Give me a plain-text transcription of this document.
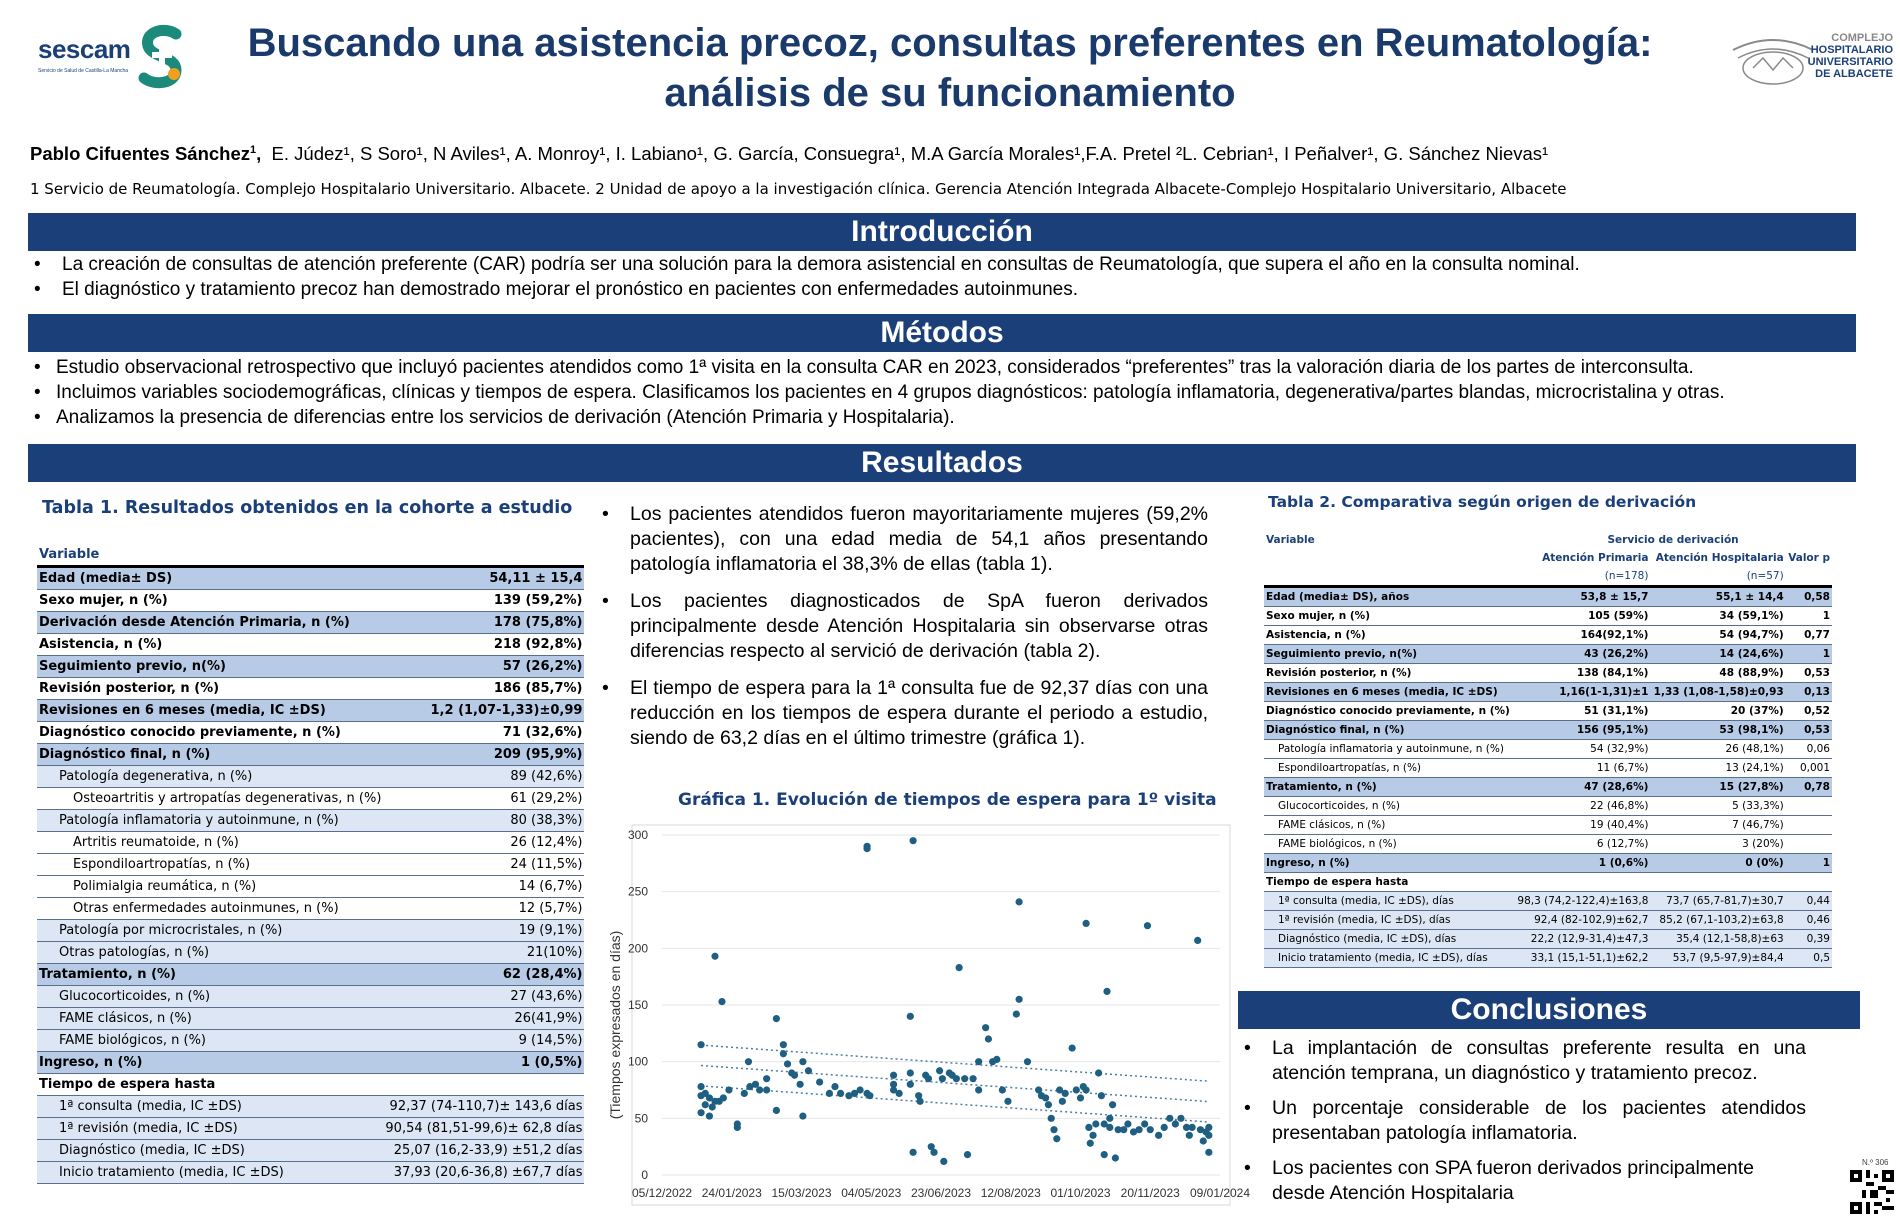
sescam
Servicio de Salud de Castilla-La Mancha
Buscando una asistencia precoz, consultas preferentes en Reumatología:
análisis de su funcionamiento
COMPLEJO
HOSPITALARIO
UNIVERSITARIO
DE ALBACETE
Pablo Cifuentes Sánchez$^1$, E. Júdez¹, S Soro¹, N Aviles¹, A. Monroy¹, I. Labiano¹, G. García, Consuegra¹, M.A García Morales¹,F.A. Pretel ²L. Cebrian¹, I Peñalver¹, G. Sánchez Nievas¹
1 Servicio de Reumatología. Complejo Hospitalario Universitario. Albacete. 2 Unidad de apoyo a la investigación clínica. Gerencia Atención Integrada Albacete-Complejo Hospitalario Universitario, Albacete
Introducción
• La creación de consultas de atención preferente (CAR) podría ser una solución para la demora asistencial en consultas de Reumatología, que supera el año en la consulta nominal.
• El diagnóstico y tratamiento precoz han demostrado mejorar el pronóstico en pacientes con enfermedades autoinmunes.
Métodos
• Estudio observacional retrospectivo que incluyó pacientes atendidos como 1ª visita en la consulta CAR en 2023, considerados “preferentes” tras la valoración diaria de los partes de interconsulta.
• Incluimos variables sociodemográficas, clínicas y tiempos de espera. Clasificamos los pacientes en 4 grupos diagnósticos: patología inflamatoria, degenerativa/partes blandas, microcristalina y otras.
• Analizamos la presencia de diferencias entre los servicios de derivación (Atención Primaria y Hospitalaria).
Resultados
Tabla 1. Resultados obtenidos en la cohorte a estudio
Variable	
Edad (media± DS)	54,11 ± 15,4
Sexo mujer, n (%)	139 (59,2%)
Derivación desde Atención Primaria, n (%)	178 (75,8%)
Asistencia, n (%)	218 (92,8%)
Seguimiento previo, n(%)	57 (26,2%)
Revisión posterior, n (%)	186 (85,7%)
Revisiones en 6 meses (media, IC ±DS)	1,2 (1,07-1,33)±0,99
Diagnóstico conocido previamente, n (%)	71 (32,6%)
Diagnóstico final, n (%)	209 (95,9%)
Patología degenerativa, n (%)	89 (42,6%)
Osteoartritis y artropatías degenerativas, n (%)	61 (29,2%)
Patología inflamatoria y autoinmune, n (%)	80 (38,3%)
Artritis reumatoide, n (%)	26 (12,4%)
Espondiloartropatías, n (%)	24 (11,5%)
Polimialgia reumática, n (%)	14 (6,7%)
Otras enfermedades autoinmunes, n (%)	12 (5,7%)
Patología por microcristales, n (%)	19 (9,1%)
Otras patologías, n (%)	21(10%)
Tratamiento, n (%)	62 (28,4%)
Glucocorticoides, n (%)	27 (43,6%)
FAME clásicos, n (%)	26(41,9%)
FAME biológicos, n (%)	9 (14,5%)
Ingreso, n (%)	1 (0,5%)
Tiempo de espera hasta	
1ª consulta (media, IC ±DS)	92,37 (74-110,7)± 143,6 días
1ª revisión (media, IC ±DS)	90,54 (81,51-99,6)± 62,8 días
Diagnóstico (media, IC ±DS)	25,07 (16,2-33,9) ±51,2 días
Inicio tratamiento (media, IC ±DS)	37,93 (20,6-36,8) ±67,7 días
• Los pacientes atendidos fueron mayoritariamente mujeres (59,2% pacientes), con una edad media de 54,1 años presentando patología inflamatoria el 38,3% de ellas (tabla 1).
• Los pacientes diagnosticados de SpA fueron derivados principalmente desde Atención Hospitalaria sin observarse otras diferencias respecto al servició de derivación (tabla 2).
• El tiempo de espera para la 1ª consulta fue de 92,37 días con una reducción en los tiempos de espera durante el periodo a estudio, siendo de 63,2 días en el último trimestre (gráfica 1).
Gráfica 1. Evolución de tiempos de espera para 1º visita
0
50
100
150
200
250
300
05/12/2022 24/01/2023 15/03/2023 04/05/2023 23/06/2023 12/08/2023 01/10/2023 20/11/2023 09/01/2024
(Tiempos expresados en días)
Tabla 2. Comparativa según origen de derivación
Variable	Servicio de derivación		
	Atención Primaria	Atención Hospitalaria	Valor p
	(n=178)	(n=57)	
Edad (media± DS), años	53,8 ± 15,7	55,1 ± 14,4	0,58
Sexo mujer, n (%)	105 (59%)	34 (59,1%)	1
Asistencia, n (%)	164(92,1%)	54 (94,7%)	0,77
Seguimiento previo, n(%)	43 (26,2%)	14 (24,6%)	1
Revisión posterior, n (%)	138 (84,1%)	48 (88,9%)	0,53
Revisiones en 6 meses (media, IC ±DS)	1,16(1-1,31)±1	1,33 (1,08-1,58)±0,93	0,13
Diagnóstico conocido previamente, n (%)	51 (31,1%)	20 (37%)	0,52
Diagnóstico final, n (%)	156 (95,1%)	53 (98,1%)	0,53
Patología inflamatoria y autoinmune, n (%)	54 (32,9%)	26 (48,1%)	0,06
Espondiloartropatías, n (%)	11 (6,7%)	13 (24,1%)	0,001
Tratamiento, n (%)	47 (28,6%)	15 (27,8%)	0,78
Glucocorticoides, n (%)	22 (46,8%)	5 (33,3%)	
FAME clásicos, n (%)	19 (40,4%)	7 (46,7%)	
FAME biológicos, n (%)	6 (12,7%)	3 (20%)	
Ingreso, n (%)	1 (0,6%)	0 (0%)	1
Tiempo de espera hasta			
1ª consulta (media, IC ±DS), días	98,3 (74,2-122,4)±163,8	73,7 (65,7-81,7)±30,7	0,44
1ª revisión (media, IC ±DS), días	92,4 (82-102,9)±62,7	85,2 (67,1-103,2)±63,8	0,46
Diagnóstico (media, IC ±DS), días	22,2 (12,9-31,4)±47,3	35,4 (12,1-58,8)±63	0,39
Inicio tratamiento (media, IC ±DS), días	33,1 (15,1-51,1)±62,2	53,7 (9,5-97,9)±84,4	0,5
Conclusiones
• La implantación de consultas preferente resulta en una atención temprana, un diagnóstico y tratamiento precoz.
• Un porcentaje considerable de los pacientes atendidos presentaban patología inflamatoria.
• Los pacientes con SPA fueron derivados principalmente desde Atención Hospitalaria
N.º 306
